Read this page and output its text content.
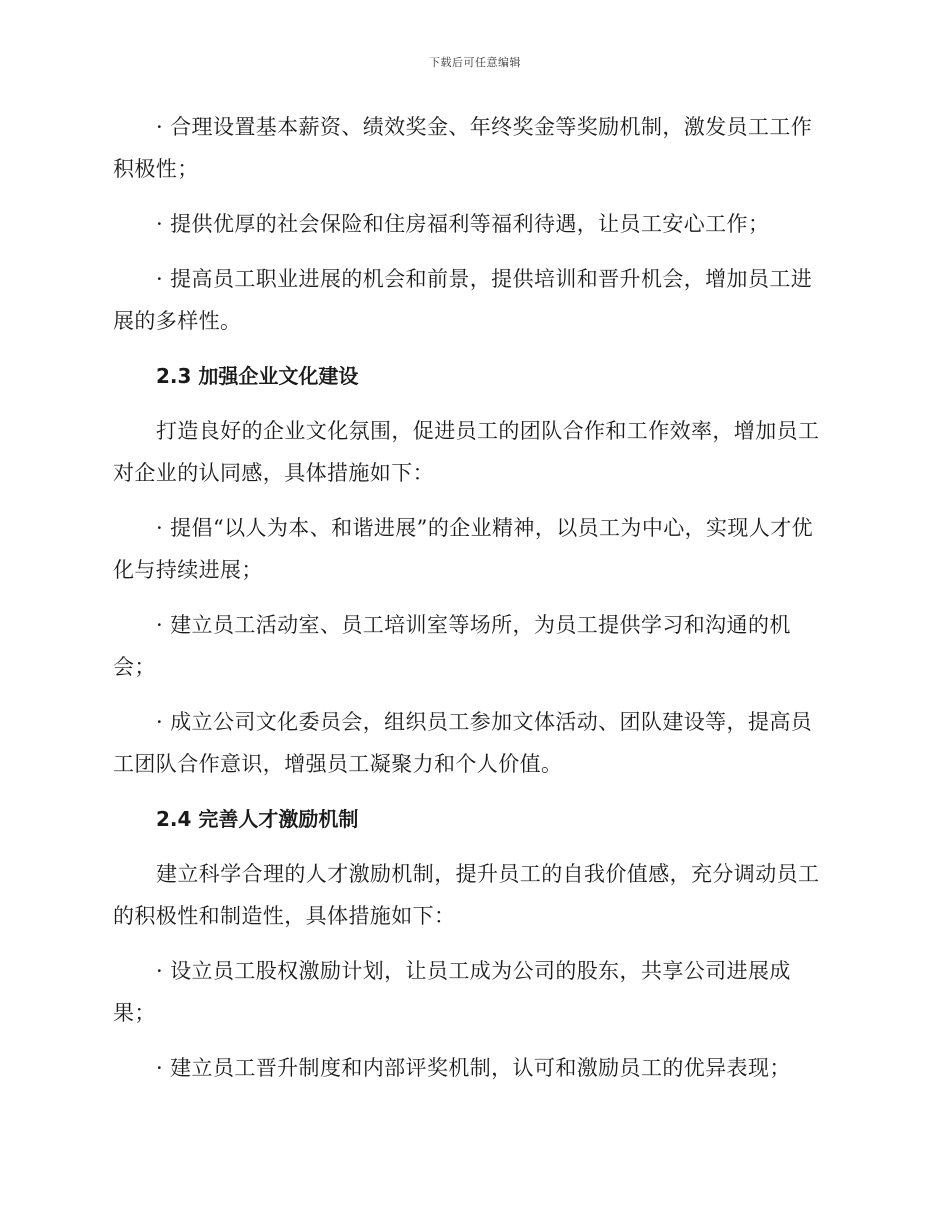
下载后可任意编辑

· 合理设置基本薪资、绩效奖金、年终奖金等奖励机制，激发员工工作积极性；

· 提供优厚的社会保险和住房福利等福利待遇，让员工安心工作；

· 提高员工职业进展的机会和前景，提供培训和晋升机会，增加员工进展的多样性。

2.3 加强企业文化建设

打造良好的企业文化氛围，促进员工的团队合作和工作效率，增加员工对企业的认同感，具体措施如下：

· 提倡“以人为本、和谐进展”的企业精神，以员工为中心，实现人才优化与持续进展；

· 建立员工活动室、员工培训室等场所，为员工提供学习和沟通的机会；

· 成立公司文化委员会，组织员工参加文体活动、团队建设等，提高员工团队合作意识，增强员工凝聚力和个人价值。

2.4 完善人才激励机制

建立科学合理的人才激励机制，提升员工的自我价值感，充分调动员工的积极性和制造性，具体措施如下：

· 设立员工股权激励计划，让员工成为公司的股东，共享公司进展成果；

· 建立员工晋升制度和内部评奖机制，认可和激励员工的优异表现；
